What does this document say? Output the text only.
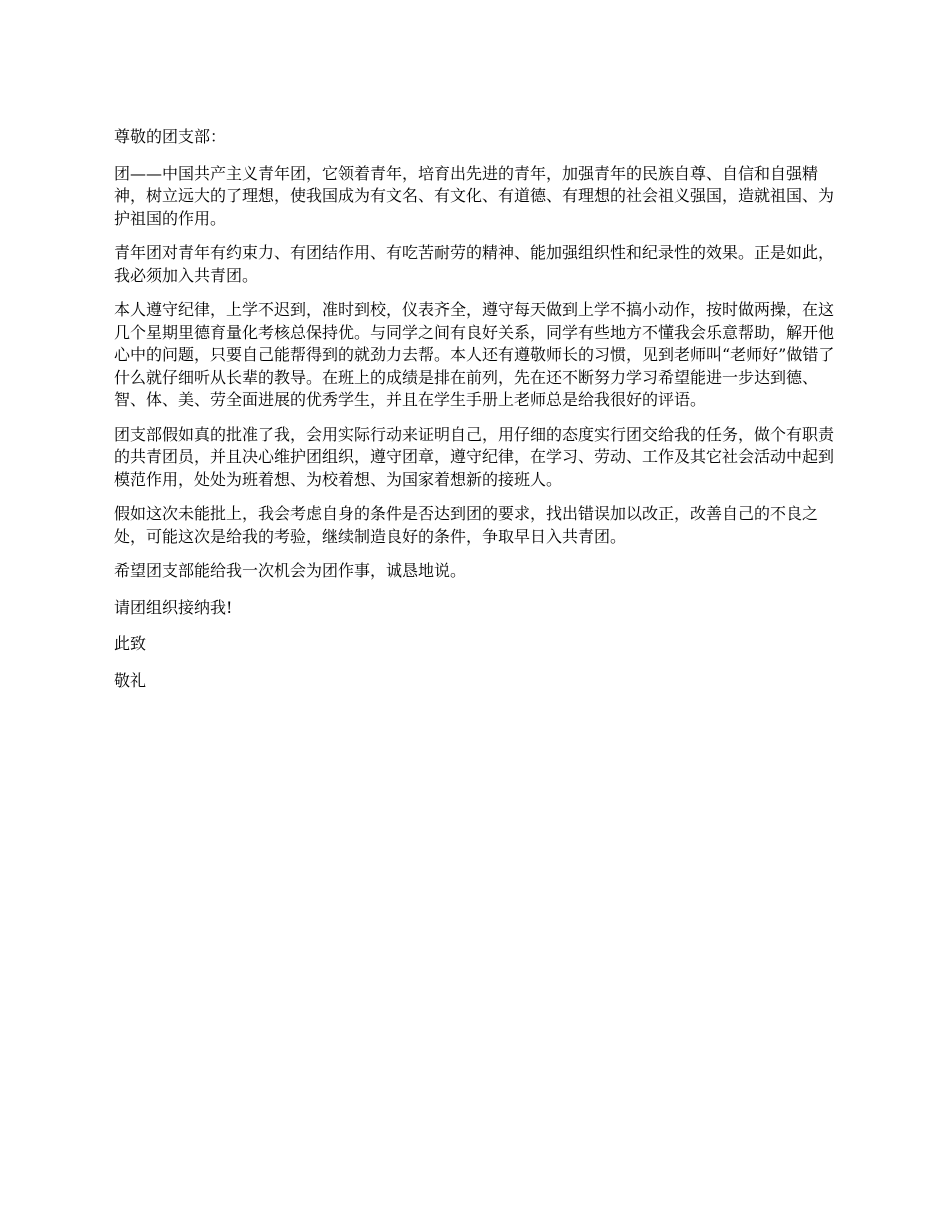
尊敬的团支部：

团——中国共产主义青年团，它领着青年，培育出先进的青年，加强青年的民族自尊、自信和自强精神，树立远大的了理想，使我国成为有文名、有文化、有道德、有理想的社会祖义强国，造就祖国、为护祖国的作用。

青年团对青年有约束力、有团结作用、有吃苦耐劳的精神、能加强组织性和纪录性的效果。正是如此，我必须加入共青团。

本人遵守纪律，上学不迟到，准时到校，仪表齐全，遵守每天做到上学不搞小动作，按时做两操，在这几个星期里德育量化考核总保持优。与同学之间有良好关系，同学有些地方不懂我会乐意帮助，解开他心中的问题，只要自己能帮得到的就劲力去帮。本人还有遵敬师长的习惯，见到老师叫“老师好”做错了什么就仔细听从长辈的教导。在班上的成绩是排在前列，先在还不断努力学习希望能进一步达到德、智、体、美、劳全面进展的优秀学生，并且在学生手册上老师总是给我很好的评语。

团支部假如真的批准了我，会用实际行动来证明自己，用仔细的态度实行团交给我的任务，做个有职责的共青团员，并且决心维护团组织，遵守团章，遵守纪律，在学习、劳动、工作及其它社会活动中起到模范作用，处处为班着想、为校着想、为国家着想新的接班人。

假如这次未能批上，我会考虑自身的条件是否达到团的要求，找出错误加以改正，改善自己的不良之处，可能这次是给我的考验，继续制造良好的条件，争取早日入共青团。

希望团支部能给我一次机会为团作事，诚恳地说。

请团组织接纳我!

此致

敬礼
